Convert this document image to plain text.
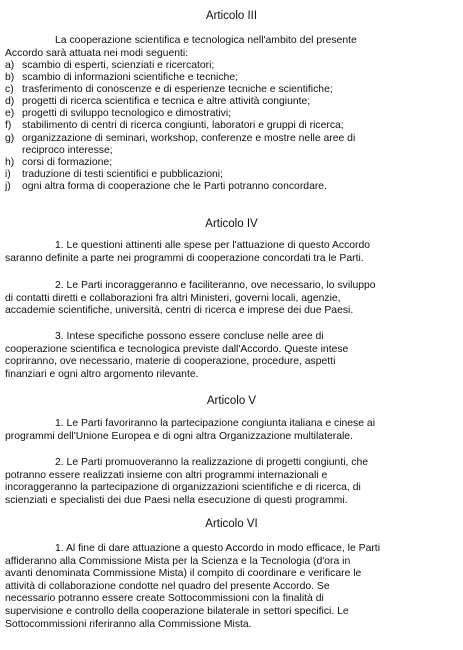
Articolo III
La cooperazione scientifica e tecnologica nell'ambito del presente
Accordo sarà attuata nei modi seguenti:
a) scambio di esperti, scienziati e ricercatori;
b) scambio di informazioni scientifiche e tecniche;
c) trasferimento di conoscenze e di esperienze tecniche e scientifiche;
d) progetti di ricerca scientifica e tecnica e altre attività congiunte;
e) progetti di sviluppo tecnologico e dimostrativi;
f) stabilimento di centri di ricerca congiunti, laboratori e gruppi di ricerca;
g) organizzazione di seminari, workshop, conferenze e mostre nelle aree di
reciproco interesse;
h) corsi di formazione;
i) traduzione di testi scientifici e pubblicazioni;
j) ogni altra forma di cooperazione che le Parti potranno concordare.
Articolo IV
1. Le questioni attinenti alle spese per l'attuazione di questo Accordo
saranno definite a parte nei programmi di cooperazione concordati tra le Parti.
2. Le Parti incoraggeranno e faciliteranno, ove necessario, lo sviluppo
di contatti diretti e collaborazioni fra altri Ministeri, governi locali, agenzie,
accademie scientifiche, università, centri di ricerca e imprese dei due Paesi.
3. Intese specifiche possono essere concluse nelle aree di
cooperazione scientifica e tecnologica previste dall'Accordo. Queste intese
copriranno, ove necessario, materie di cooperazione, procedure, aspetti
finanziari e ogni altro argomento rilevante.
Articolo V
1. Le Parti favoriranno la partecipazione congiunta italiana e cinese ai
programmi dell'Unione Europea e di ogni altra Organizzazione multilaterale.
2. Le Parti promuoveranno la realizzazione di progetti congiunti, che
potranno essere realizzati insieme con altri programmi internazionali e
incoraggeranno la partecipazione di organizzazioni scientifiche e di ricerca, di
scienziati e specialisti dei due Paesi nella esecuzione di questi programmi.
Articolo VI
1. Al fine di dare attuazione a questo Accordo in modo efficace, le Parti
affideranno alla Commissione Mista per la Scienza e la Tecnologia (d'ora in
avanti denominata Commissione Mista) il compito di coordinare e verificare le
attività di collaborazione condotte nel quadro del presente Accordo. Se
necessario potranno essere create Sottocommissioni con la finalità di
supervisione e controllo della cooperazione bilaterale in settori specifici. Le
Sottocommissioni riferiranno alla Commissione Mista.
